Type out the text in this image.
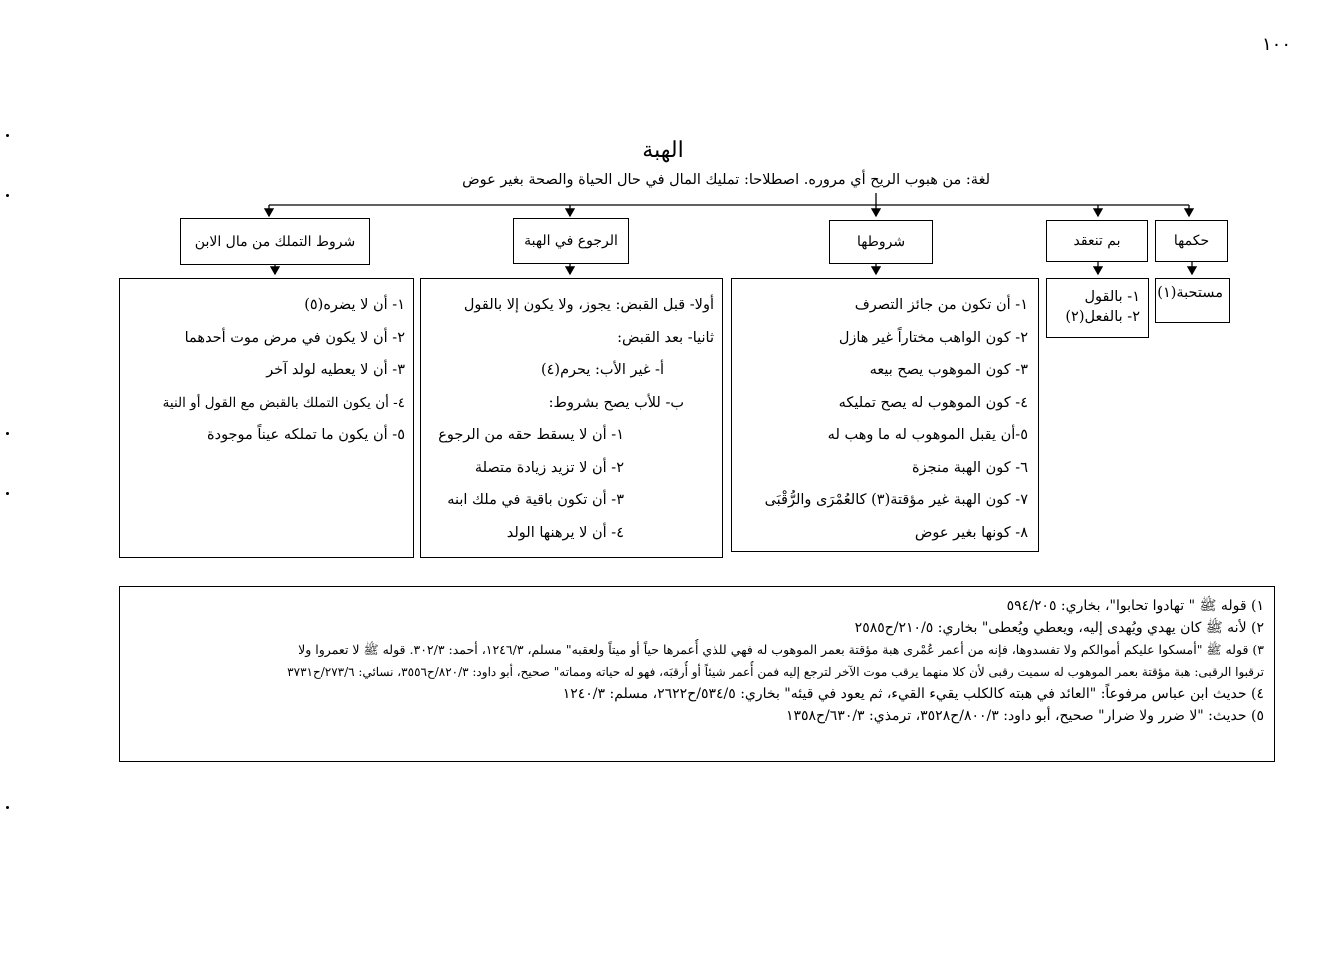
١٠٠
الهبة
لغة: من هبوب الريح أي مروره. اصطلاحا: تمليك المال في حال الحياة والصحة بغير عوض
شروط التملك من مال الابن	الرجوع في الهبة	شروطها	بم تنعقد	حكمها
مستحبة(١)
١- بالقول
٢- بالفعل(٢)
١- أن تكون من جائز التصرف
٢- كون الواهب مختاراً غير هازل
٣- كون الموهوب يصح بيعه
٤- كون الموهوب له يصح تمليكه
٥-أن يقبل الموهوب له ما وهب له
٦- كون الهبة منجزة
٧- كون الهبة غير مؤقتة(٣) كالعُمْرَى والرُّقْبَى
٨- كونها بغير عوض
أولا- قبل القبض: يجوز، ولا يكون إلا بالقول
ثانيا- بعد القبض:
أ- غير الأب: يحرم(٤)
ب- للأب يصح بشروط:
١- أن لا يسقط حقه من الرجوع
٢- أن لا تزيد زيادة متصلة
٣- أن تكون باقية في ملك ابنه
٤- أن لا يرهنها الولد
١- أن لا يضره(٥)
٢- أن لا يكون في مرض موت أحدهما
٣- أن لا يعطيه لولد آخر
٤- أن يكون التملك بالقبض مع القول أو النية
٥- أن يكون ما تملكه عيناً موجودة
١) قوله ﷺ " تهادوا تحابوا"، بخاري: ٥٩٤/٢٠٥
٢) لأنه ﷺ كان يهدي ويُهدى إليه، ويعطي ويُعطى" بخاري: ٢١٠/٥/ح٢٥٨٥
٣) قوله ﷺ "أمسكوا عليكم أموالكم ولا تفسدوها، فإنه من أعمر عُمْرى هبة مؤقتة بعمر الموهوب له فهي للذي أُعمرها حياً أو ميتاً ولعقبه" مسلم، ١٢٤٦/٣، أحمد: ٣٠٢/٣. قوله ﷺ لا تعمروا ولا
ترقبوا الرقبى: هبة مؤقتة بعمر الموهوب له سميت رقبى لأن كلا منهما يرقب موت الآخر لترجع إليه فمن أُعمر شيئاً أو أُرقبَه، فهو له حياته ومماته" صحيح، أبو داود: ٨٢٠/٣/ح٣٥٥٦، نسائي: ٢٧٣/٦/ح٣٧٣١
٤) حديث ابن عباس مرفوعاً: "العائد في هبته كالكلب يقيء القيء، ثم يعود في قيئه" بخاري: ٥٣٤/٥/ح٢٦٢٢، مسلم: ١٢٤٠/٣
٥) حديث: "لا ضرر ولا ضرار" صحيح، أبو داود: ٨٠٠/٣/ح٣٥٢٨، ترمذي: ٦٣٠/٣/ح١٣٥٨
